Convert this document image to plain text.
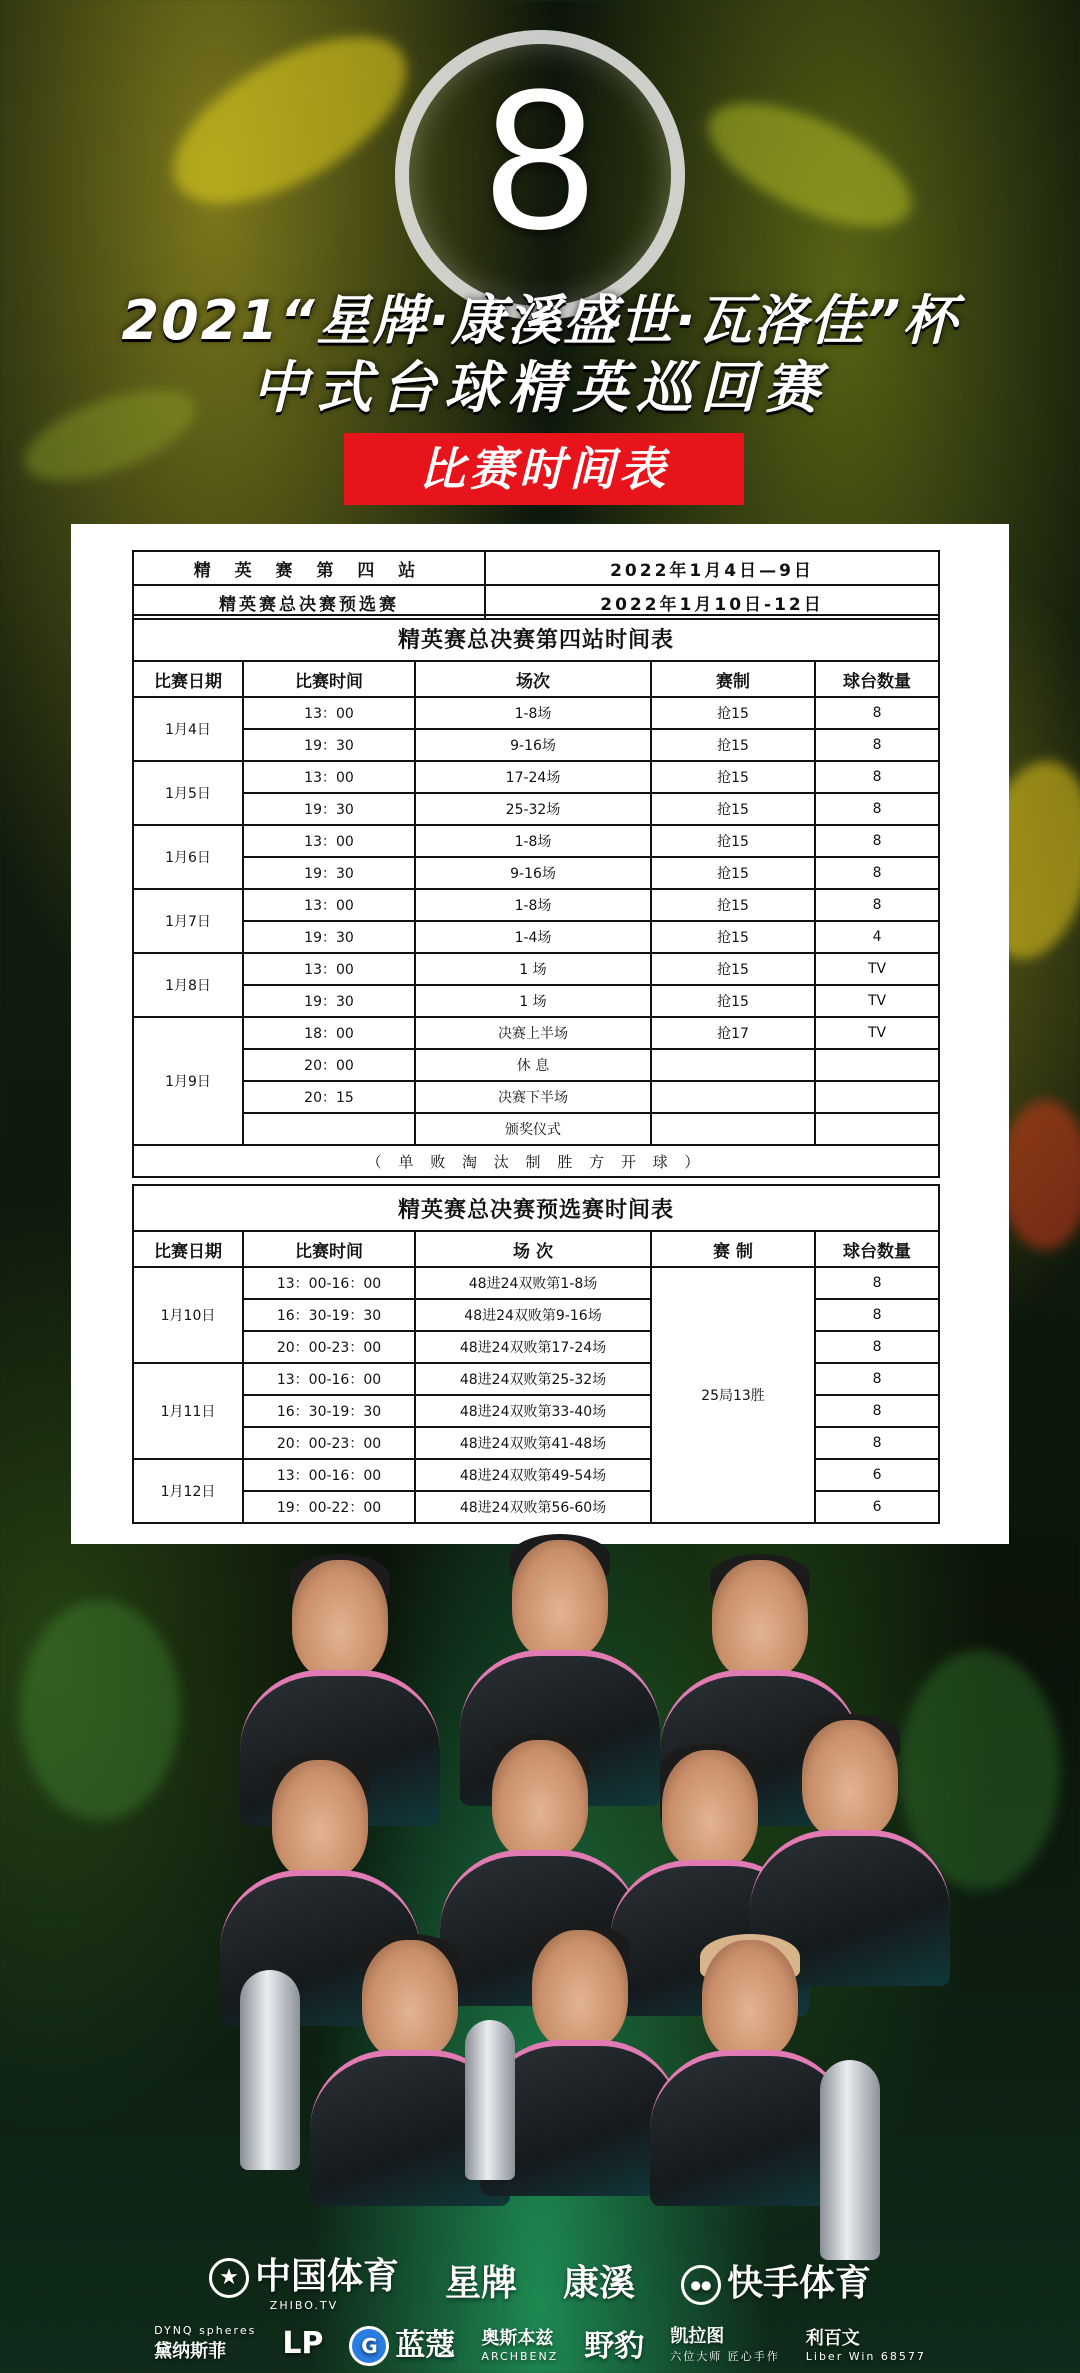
8
2021“星牌·康溪盛世·瓦洛佳”杯
中式台球精英巡回赛
比赛时间表
精 英 赛 第 四 站	2022年1月4日—9日
精英赛总决赛预选赛	2022年1月10日-12日
精英赛总决赛第四站时间表				
比赛日期	比赛时间	场次	赛制	球台数量
1月4日	13：00	1-8场	抢15	8
	19：30	9-16场	抢15	8
1月5日	13：00	17-24场	抢15	8
	19：30	25-32场	抢15	8
1月6日	13：00	1-8场	抢15	8
	19：30	9-16场	抢15	8
1月7日	13：00	1-8场	抢15	8
	19：30	1-4场	抢15	4
1月8日	13：00	1 场	抢15	TV
	19：30	1 场	抢15	TV
1月9日	18：00	决赛上半场	抢17	TV
	20：00	休 息		
	20：15	决赛下半场		
		颁奖仪式		
（ 单 败 淘 汰 制 胜 方 开 球 ）				
精英赛总决赛预选赛时间表				
比赛日期	比赛时间	场 次	赛 制	球台数量
1月10日	13：00-16：00	48进24双败第1-8场	25局13胜	8
	16：30-19：30	48进24双败第9-16场		8
	20：00-23：00	48进24双败第17-24场		8
1月11日	13：00-16：00	48进24双败第25-32场		8
	16：30-19：30	48进24双败第33-40场		8
	20：00-23：00	48进24双败第41-48场		8
1月12日	13：00-16：00	48进24双败第49-54场		6
	19：00-22：00	48进24双败第56-60场		6
★中国体育
ZHIBO.TV
星牌 康溪 ●●	快手体育
DYNQ spheres
黛纳斯菲	LP G	蓝蔻 奥斯本兹
ARCHBENZ 野豹 凯拉图
六位大师 匠心手作
利百文
Liber Win 68577
